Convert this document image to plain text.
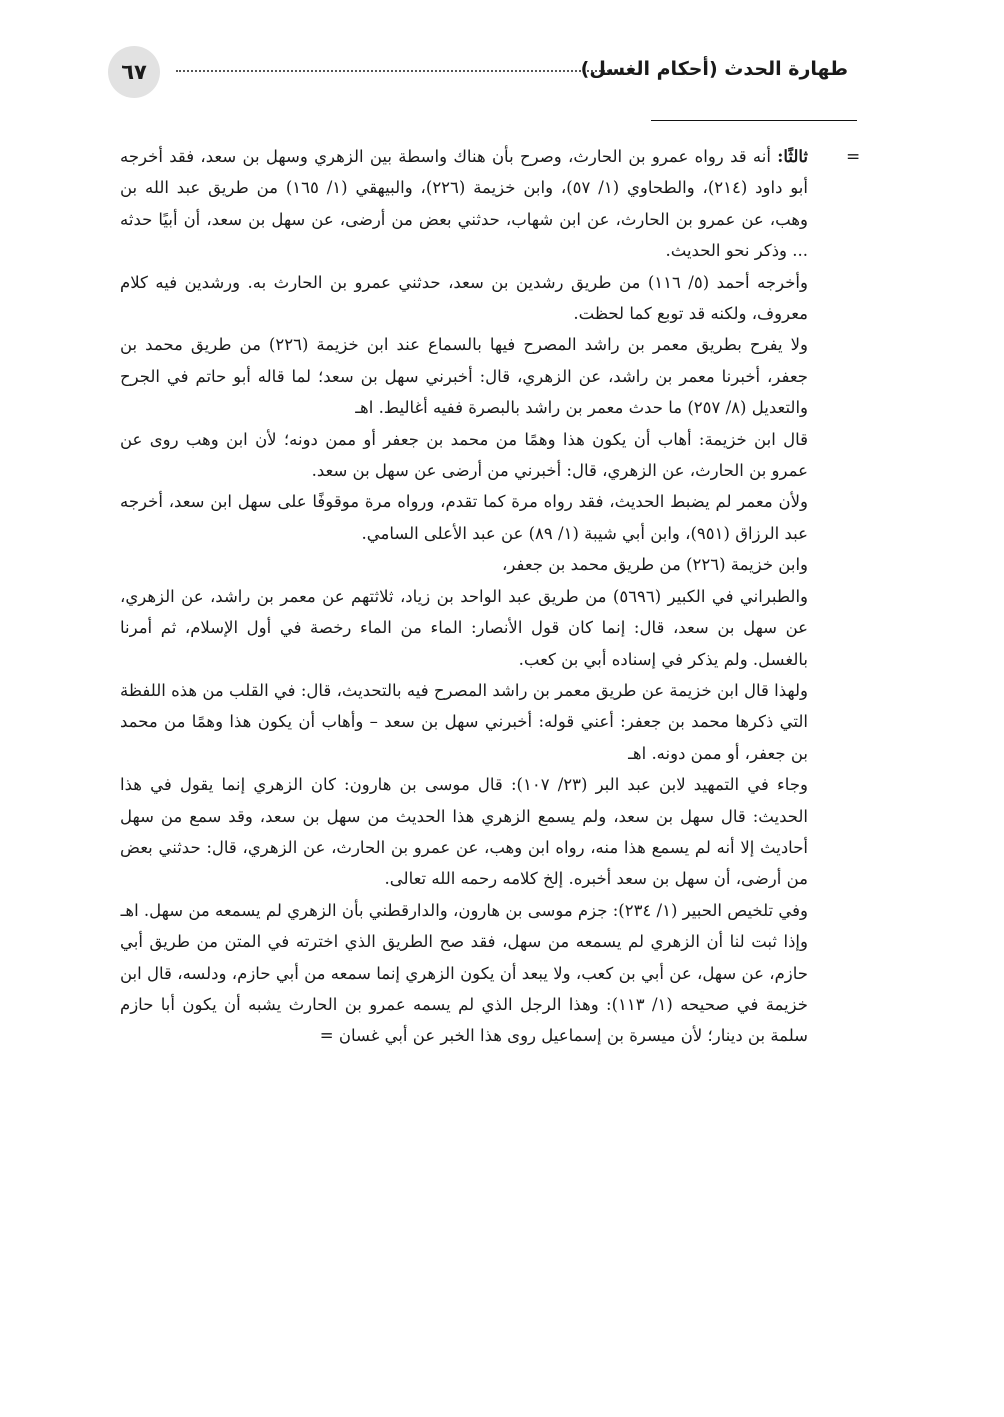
٦٧	طهارة الحدث (أحكام الغسل)
=

ثالثًا: أنه قد رواه عمرو بن الحارث، وصرح بأن هناك واسطة بين الزهري وسهل بن سعد، فقد أخرجه أبو داود (٢١٤)، والطحاوي (١/ ٥٧)، وابن خزيمة (٢٢٦)، والبيهقي (١/ ١٦٥) من طريق عبد الله بن وهب، عن عمرو بن الحارث، عن ابن شهاب، حدثني بعض من أرضى، عن سهل بن سعد، أن أبيًا حدثه ... وذكر نحو الحديث.

وأخرجه أحمد (٥/ ١١٦) من طريق رشدين بن سعد، حدثني عمرو بن الحارث به. ورشدين فيه كلام معروف، ولكنه قد توبع كما لحظت.

ولا يفرح بطريق معمر بن راشد المصرح فيها بالسماع عند ابن خزيمة (٢٢٦) من طريق محمد بن جعفر، أخبرنا معمر بن راشد، عن الزهري، قال: أخبرني سهل بن سعد؛ لما قاله أبو حاتم في الجرح والتعديل (٨/ ٢٥٧) ما حدث معمر بن راشد بالبصرة ففيه أغاليط. اهـ

قال ابن خزيمة: أهاب أن يكون هذا وهمًا من محمد بن جعفر أو ممن دونه؛ لأن ابن وهب روى عن عمرو بن الحارث، عن الزهري، قال: أخبرني من أرضى عن سهل بن سعد.

ولأن معمر لم يضبط الحديث، فقد رواه مرة كما تقدم، ورواه مرة موقوفًا على سهل ابن سعد، أخرجه عبد الرزاق (٩٥١)، وابن أبي شيبة (١/ ٨٩) عن عبد الأعلى السامي.

وابن خزيمة (٢٢٦) من طريق محمد بن جعفر،

والطبراني في الكبير (٥٦٩٦) من طريق عبد الواحد بن زياد، ثلاثتهم عن معمر بن راشد، عن الزهري، عن سهل بن سعد، قال: إنما كان قول الأنصار: الماء من الماء رخصة في أول الإسلام، ثم أمرنا بالغسل. ولم يذكر في إسناده أبي بن كعب.

ولهذا قال ابن خزيمة عن طريق معمر بن راشد المصرح فيه بالتحديث، قال: في القلب من هذه اللفظة التي ذكرها محمد بن جعفر: أعني قوله: أخبرني سهل بن سعد – وأهاب أن يكون هذا وهمًا من محمد بن جعفر، أو ممن دونه. اهـ

وجاء في التمهيد لابن عبد البر (٢٣/ ١٠٧): قال موسى بن هارون: كان الزهري إنما يقول في هذا الحديث: قال سهل بن سعد، ولم يسمع الزهري هذا الحديث من سهل بن سعد، وقد سمع من سهل أحاديث إلا أنه لم يسمع هذا منه، رواه ابن وهب، عن عمرو بن الحارث، عن الزهري، قال: حدثني بعض من أرضى، أن سهل بن سعد أخبره. إلخ كلامه رحمه الله تعالى.

وفي تلخيص الحبير (١/ ٢٣٤): جزم موسى بن هارون، والدارقطني بأن الزهري لم يسمعه من سهل. اهـ

وإذا ثبت لنا أن الزهري لم يسمعه من سهل، فقد صح الطريق الذي اخترته في المتن من طريق أبي حازم، عن سهل، عن أبي بن كعب، ولا يبعد أن يكون الزهري إنما سمعه من أبي حازم، ودلسه، قال ابن خزيمة في صحيحه (١/ ١١٣): وهذا الرجل الذي لم يسمه عمرو بن الحارث يشبه أن يكون أبا حازم سلمة بن دينار؛ لأن ميسرة بن إسماعيل روى هذا الخبر عن أبي غسان =
